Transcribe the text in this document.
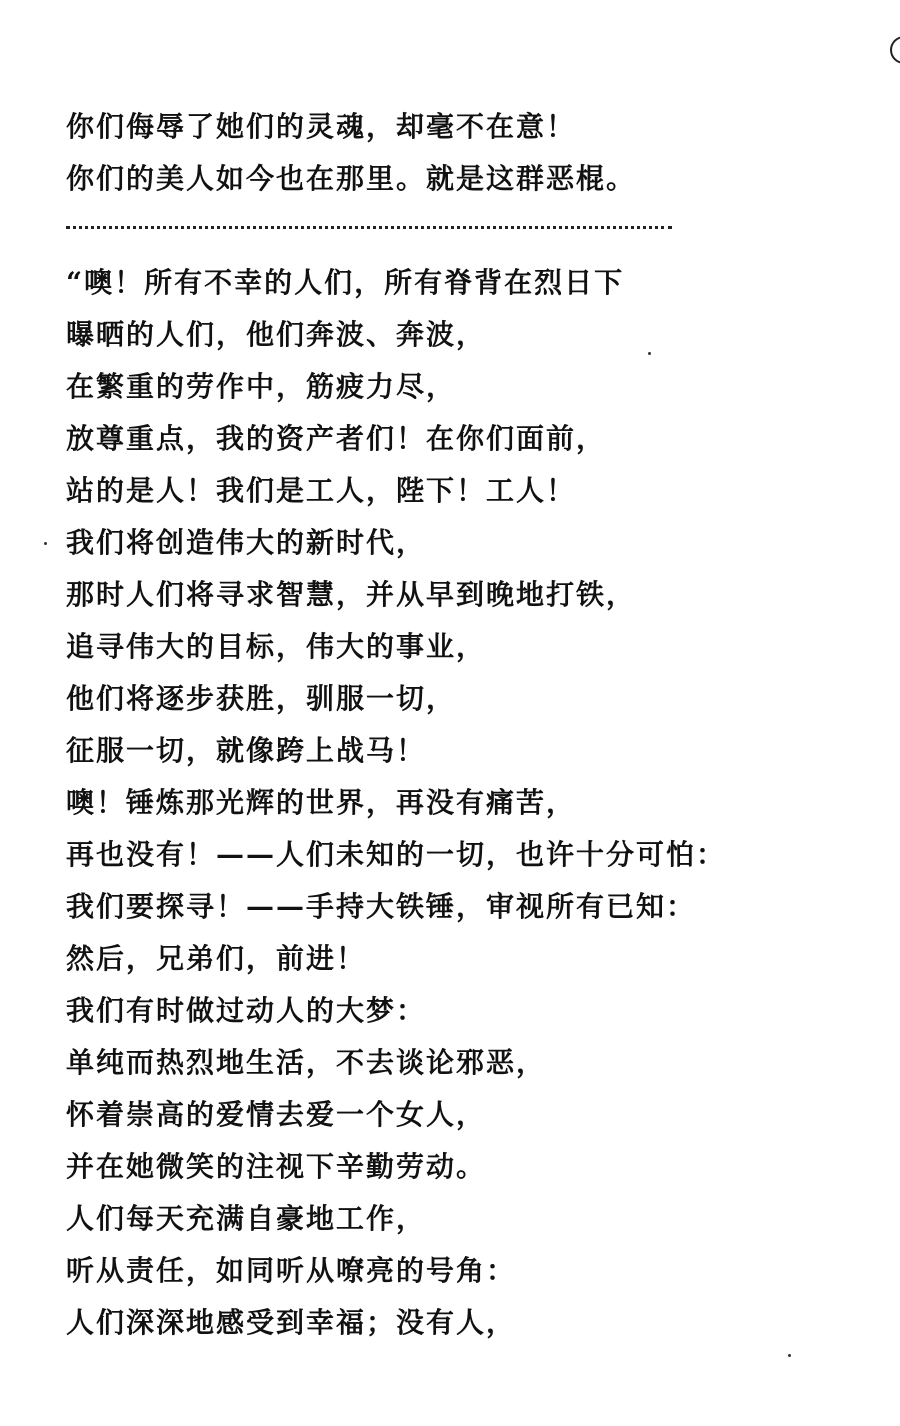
你们侮辱了她们的灵魂，却毫不在意！
你们的美人如今也在那里。就是这群恶棍。
“噢！所有不幸的人们，所有脊背在烈日下
曝晒的人们，他们奔波、奔波，
在繁重的劳作中，筋疲力尽，
放尊重点，我的资产者们！在你们面前，
站的是人！我们是工人，陛下！工人！
我们将创造伟大的新时代，
那时人们将寻求智慧，并从早到晚地打铁，
追寻伟大的目标，伟大的事业，
他们将逐步获胜，驯服一切，
征服一切，就像跨上战马！
噢！锤炼那光辉的世界，再没有痛苦，
再也没有！——人们未知的一切，也许十分可怕：
我们要探寻！——手持大铁锤，审视所有已知：
然后，兄弟们，前进！
我们有时做过动人的大梦：
单纯而热烈地生活，不去谈论邪恶，
怀着崇高的爱情去爱一个女人，
并在她微笑的注视下辛勤劳动。
人们每天充满自豪地工作，
听从责任，如同听从嘹亮的号角：
人们深深地感受到幸福；没有人，
